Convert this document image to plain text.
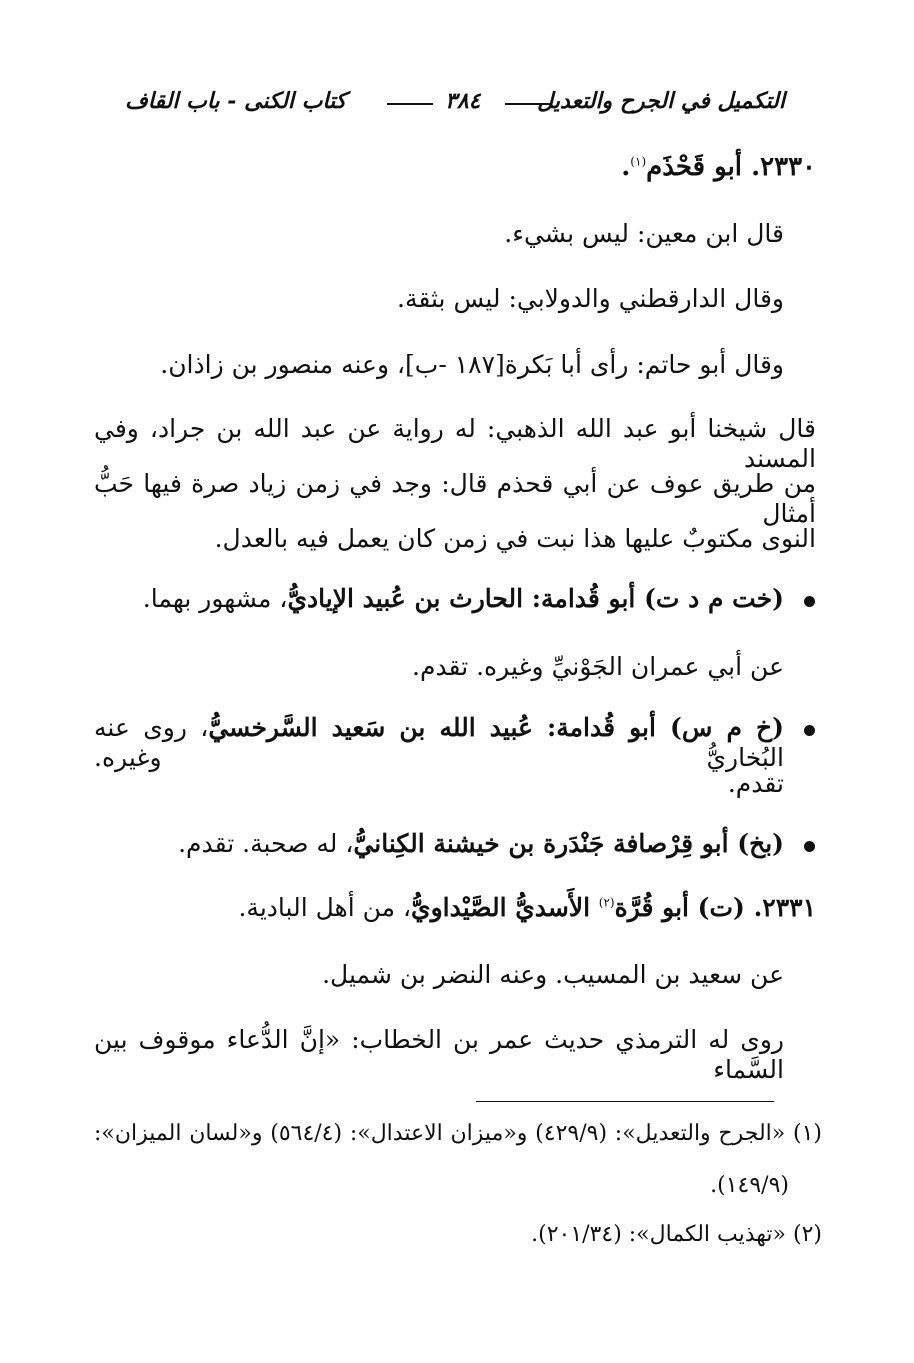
التكميل في الجرح والتعديل
٣٨٤
كتاب الكنى - باب القاف
٢٣٣٠. أبو قَحْذَم$^{(١)}$.
قال ابن معين: ليس بشيء.
وقال الدارقطني والدولابي: ليس بثقة.
وقال أبو حاتم: رأى أبا بَكرة[١٨٧ -ب]، وعنه منصور بن زاذان.
قال شيخنا أبو عبد الله الذهبي: له رواية عن عبد الله بن جراد، وفي المسند
من طريق عوف عن أبي قحذم قال: وجد في زمن زياد صرة فيها حَبُّ أمثال
النوى مكتوبٌ عليها هذا نبت في زمن كان يعمل فيه بالعدل.
(خت م د ت) أبو قُدامة: الحارث بن عُبيد الإياديُّ، مشهور بهما.
عن أبي عمران الجَوْنيِّ وغيره. تقدم.
(خ م س) أبو قُدامة: عُبيد الله بن سَعيد السَّرخسيُّ، روى عنه البُخاريُّ وغيره.
تقدم.
(بخ) أبو قِرْصافة جَنْدَرة بن خيشنة الكِنانيُّ، له صحبة. تقدم.
٢٣٣١. (ت) أبو قُرَّة$^{(٢)}$ الأَسديُّ الصَّيْداويُّ، من أهل البادية.
عن سعيد بن المسيب. وعنه النضر بن شميل.
روى له الترمذي حديث عمر بن الخطاب: «إنَّ الدُّعاء موقوف بين السَّماء
(١) «الجرح والتعديل»: (٤٢٩/٩) و«ميزان الاعتدال»: (٥٦٤/٤) و«لسان الميزان»:
(١٤٩/٩).
(٢) «تهذيب الكمال»: (٢٠١/٣٤).
